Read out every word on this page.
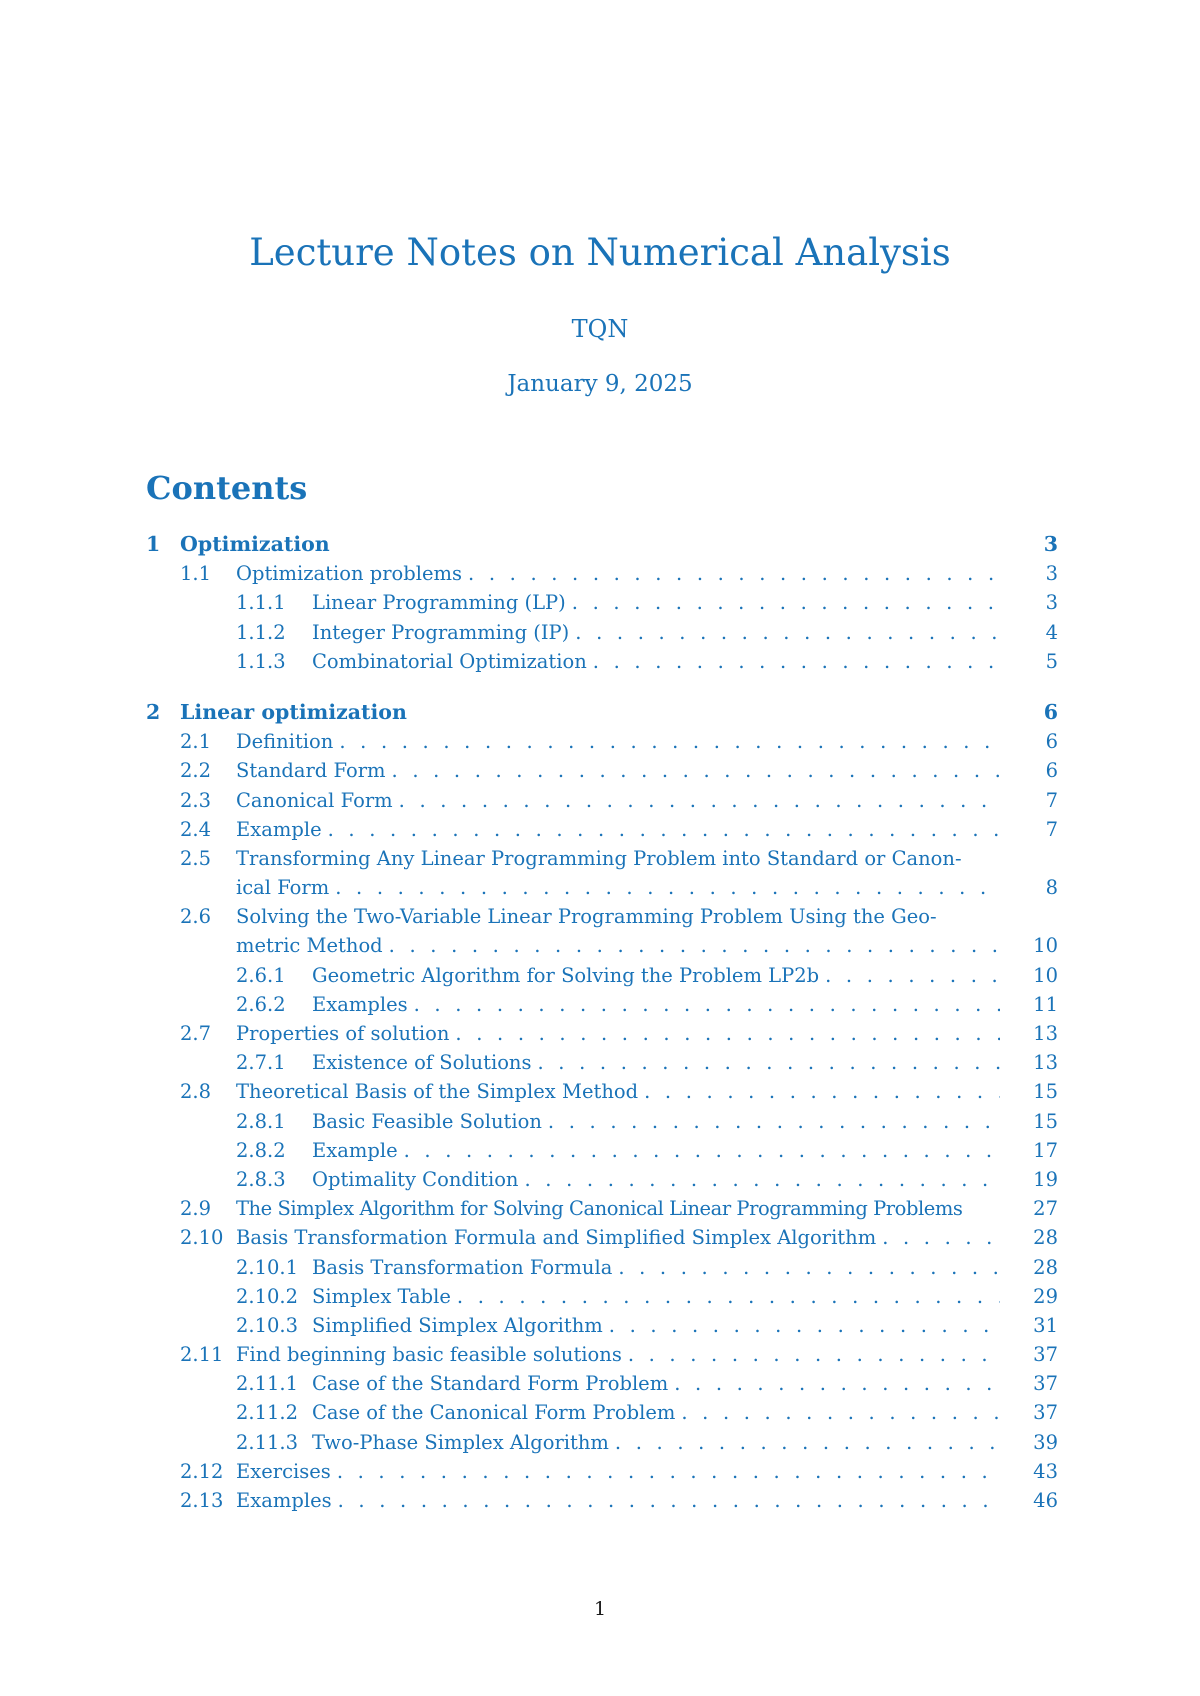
Lecture Notes on Numerical Analysis
TQN
January 9, 2025
Contents
1 Optimization	3
1.1 Optimization problems . . .	3
1.1.1 Linear Programming (LP) . . .	3
1.1.2 Integer Programming (IP) . . .	4
1.1.3 Combinatorial Optimization . . .	5
2 Linear optimization	6
2.1 Definition . . .	6
2.2 Standard Form . . .	6
2.3 Canonical Form . . .	7
2.4 Example . . .	7
2.5 Transforming Any Linear Programming Problem into Standard or Canon-
ical Form . . .	8
2.6 Solving the Two-Variable Linear Programming Problem Using the Geo-
metric Method . . .	10
2.6.1 Geometric Algorithm for Solving the Problem LP2b . . .	10
2.6.2 Examples . . .	11
2.7 Properties of solution . . .	13
2.7.1 Existence of Solutions . . .	13
2.8 Theoretical Basis of the Simplex Method . . .	15
2.8.1 Basic Feasible Solution . . .	15
2.8.2 Example . . .	17
2.8.3 Optimality Condition . . .	19
2.9 The Simplex Algorithm for Solving Canonical Linear Programming Problems	27
2.10 Basis Transformation Formula and Simplified Simplex Algorithm . . .	28
2.10.1 Basis Transformation Formula . . .	28
2.10.2 Simplex Table . . .	29
2.10.3 Simplified Simplex Algorithm . . .	31
2.11 Find beginning basic feasible solutions . . .	37
2.11.1 Case of the Standard Form Problem . . .	37
2.11.2 Case of the Canonical Form Problem . . .	37
2.11.3 Two-Phase Simplex Algorithm . . .	39
2.12 Exercises . . .	43
2.13 Examples . . .	46
1
